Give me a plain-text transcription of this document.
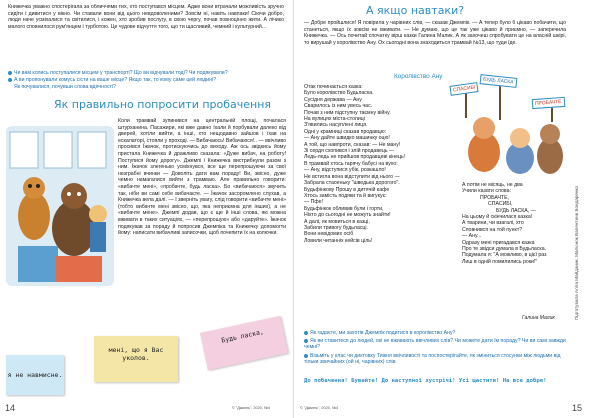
Книжечка уважно спостерігала за обличчями тих, хто поступався місцем. Адже вони втрачали можливість зручно сидіти і дивитися у вікно. Чи ставали вони від цього невдоволеними? Зовсім ні, навіть навпаки! Сіючи добро, люди наче усміхалися та світилися, і кожен, хто зробив послугу, в свою чергу, почав повноцінно жити. А лічико малого сповнилося рум'янцем і турботою. Це чудове відчуття того, що ти щасливий, чемний і культурний...

Чи вам колись поступалися місцем у транспорті? Що ви відчували тоді? Чи подякували?
А ви пропонували комусь сісти на ваше місце? Якщо так, то кому саме цей людині?
Як почувалися, почувши слова вдячності?
Як правильно попросити пробачення

Коли трамвай зупинився на центральній площі, почалася штурханина. Пасажири, які вже давно їхали й порбували далеко від дверей, хотіли вийти, а інші, хто нещодавно зайшов і їхав на ескалаторі, стояли у проході. — Вибачаюсь! Вибачаюся!.. — ввічливо просився Їжачок, протискуючись до виходу. Аж ось звідкись йому пристала Книжечка й дражливо сказала: «Дуже вибач, на роботу! Поступися йому дорогу». Джемпі і Книжечка вистрибнули разом з ним. Їжачок злегенько усміхнувся, все ще перепрошуючи за свої незграбні вчинки — Доволіть дати вам пораду! Ви, звісно, дуже чемно намагалися вийти з трамваю. Але правильно говорити: «вибачте мені», «пробачте, будь ласка». Бо «вибачаюся» звучить так, ніби ви самі себе вибачаєте. — Їжачок засоромлено слухав, а Книжечка вела далі. — І зверніть увагу, слід говорити «вибачте мені» (тобто вибачте мені звісно, що, яка неприємна для інших), а не «вибачте мене». Джемпі додав, що є ще й інші слова, які можна вживати в таких ситуаціях, — «перепрошую» або «даруйте». Їжачок подякував за пораду й попросив Джемпіка та Книжечку допомогти йому: написати вибачливі записочки, щоб почепити їх на колючки.

я не навмисне.
мені, що я Вас уколов.
Будь ласка,
14	© "Джміль", 2020, №4
А якщо навтаки?

— Добре пройшлися! Я повірила у чарівних слів, — сказав Джемпік. — А тепер було б цікаво побачити, що станеться, якщо їх зовсім не вживати. — Не думаю, що це так уже цікаво й приємно, — заперечила Книжечка. — Ось почитай спочатку вірш казки Галина Малик. А як захочеш спробувати це на власній шкірі, то вирушай у королівство Ану. Ох сьогодні вона знаходиться трамвай №13, що туди їде.

Королівство Ану
Отак починається казка:
Було королівство Будьласка.
Сусідня держава — Ану
Сварилось із ним увесь час.
Почав з ним підступну таємну війну.
На вулицях міста-столиці
З'явились насуплені лиця.
Одні у крамниці сказав продавцю:
— Ану дайте швидко машинку оцю!
А той, що навпроти, сказав: — Не ману!
Зі сердя схопився і злій продавець —
Ледь-ледь не прийшов продавцеві кінець!
В трамвай хтось гарячу бабусі на вухо:
— Ану, відступися убік, розкашло!
Не встигла вона відступити від нього —
Забрала стаоеньку "шведька дорогого".
Будьфінкову Прошу в дитячій кафе
Хтось замість подяки та й вигукує:
— Пфе!
Будьфінкок обливив були і горти,
Ніхто до сьогодні не можуть знайти!
А далі, як мовиться в казці,
Забили тривогу будьласці.
Вони невідомих осіб
Ловили читанніх кейсів ціль!
СПАСИБІ
БУДЬ ЛАСКА
ПРОБАЧТЕ
А потім не місяць, не два
Учили казати слова:
ПРОБАЧТЕ,
СПАСИБІ,
БУДЬ ЛАСКА, —
На цьому й скінчилася казка!
А тварини, чи взагалі, хто
Сповнився на той пункт?
— Ану...
Одразу мені пригадався казка
Про те звідси думала в Будьласка.
Подумала я: "А можливо, в цієї раз
Лиш в одній помилились роки!"
Галина Малик
Як гадаєте, ми захотів Джемпік подитися в королівство Ану?
Як ви ставитеся до людей, які не вживають ввічливих слів? Чи можете дати їм пораду? Чи ви самі завжди чемні?
Візьміть у клас чи диктовку Тижня ввічливості та поспостерігайте, як зміниться стосунки між людьми від тільки звичайних (ой ні, чарівних) слів.
До побачення! Бувайте! До наступної зустрічі! Усі щастити! На все добре!
© "Джміль", 2020, №4	15
Підготувала Алла Майданик. Малюнок Валентини Бондаренко
